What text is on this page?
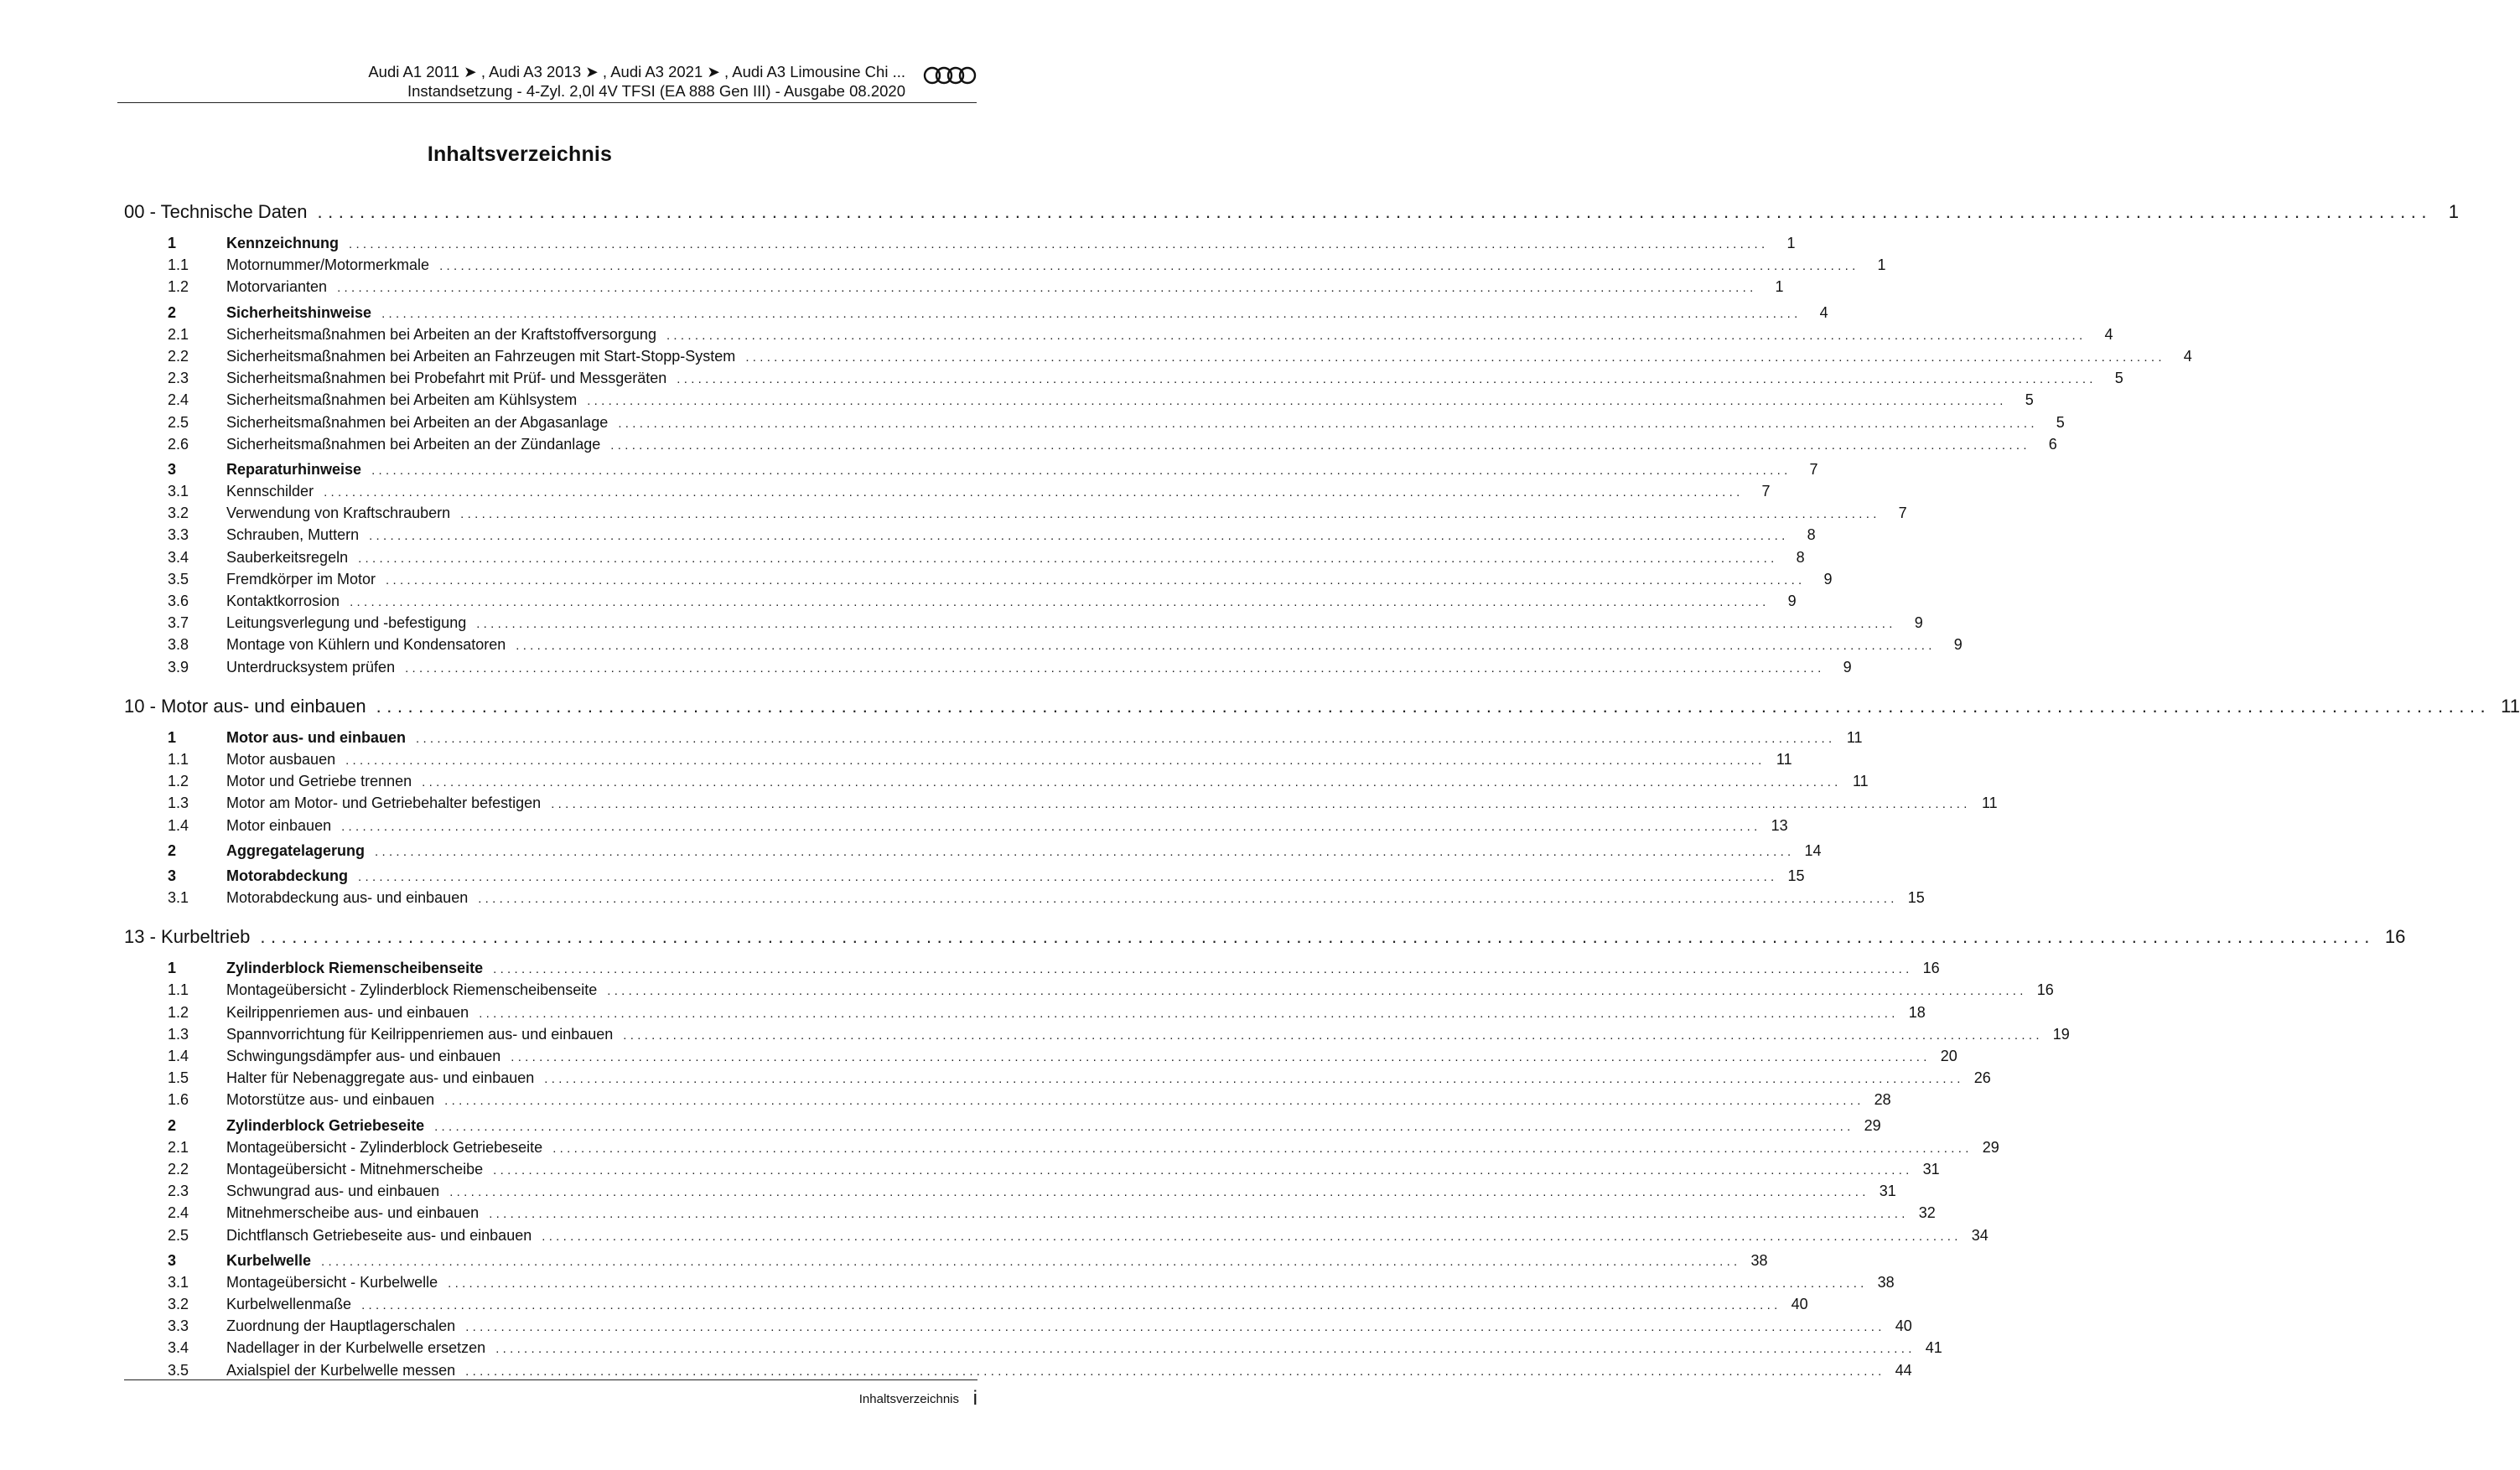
Audi A1 2011 ➤ , Audi A3 2013 ➤ , Audi A3 2021 ➤ , Audi A3 Limousine Chi ...
Instandsetzung - 4-Zyl. 2,0l 4V TFSI (EA 888 Gen III) - Ausgabe 08.2020
Inhaltsverzeichnis
00 - Technische Daten ........................................................................................................................................................................................................ 1
1	Kennzeichnung ........................................................................................................................................................................................................	1
1.1	Motornummer/Motormerkmale ........................................................................................................................................................................................................	1
1.2	Motorvarianten ........................................................................................................................................................................................................	1
2	Sicherheitshinweise ........................................................................................................................................................................................................	4
2.1	Sicherheitsmaßnahmen bei Arbeiten an der Kraftstoffversorgung ........................................................................................................................................................................................................	4
2.2	Sicherheitsmaßnahmen bei Arbeiten an Fahrzeugen mit Start-Stopp-System ........................................................................................................................................................................................................	4
2.3	Sicherheitsmaßnahmen bei Probefahrt mit Prüf- und Messgeräten ........................................................................................................................................................................................................	5
2.4	Sicherheitsmaßnahmen bei Arbeiten am Kühlsystem ........................................................................................................................................................................................................	5
2.5	Sicherheitsmaßnahmen bei Arbeiten an der Abgasanlage ........................................................................................................................................................................................................	5
2.6	Sicherheitsmaßnahmen bei Arbeiten an der Zündanlage ........................................................................................................................................................................................................	6
3	Reparaturhinweise ........................................................................................................................................................................................................	7
3.1	Kennschilder ........................................................................................................................................................................................................	7
3.2	Verwendung von Kraftschraubern ........................................................................................................................................................................................................	7
3.3	Schrauben, Muttern ........................................................................................................................................................................................................	8
3.4	Sauberkeitsregeln ........................................................................................................................................................................................................	8
3.5	Fremdkörper im Motor ........................................................................................................................................................................................................	9
3.6	Kontaktkorrosion ........................................................................................................................................................................................................	9
3.7	Leitungsverlegung und -befestigung ........................................................................................................................................................................................................	9
3.8	Montage von Kühlern und Kondensatoren ........................................................................................................................................................................................................	9
3.9	Unterdrucksystem prüfen ........................................................................................................................................................................................................	9
10 - Motor aus- und einbauen ........................................................................................................................................................................................................ 11
1	Motor aus- und einbauen ........................................................................................................................................................................................................ 11
1.1	Motor ausbauen ........................................................................................................................................................................................................ 11
1.2	Motor und Getriebe trennen ........................................................................................................................................................................................................ 11
1.3	Motor am Motor- und Getriebehalter befestigen ........................................................................................................................................................................................................ 11
1.4	Motor einbauen ........................................................................................................................................................................................................ 13
2	Aggregatelagerung ........................................................................................................................................................................................................ 14
3	Motorabdeckung ........................................................................................................................................................................................................ 15
3.1	Motorabdeckung aus- und einbauen ........................................................................................................................................................................................................ 15
13 - Kurbeltrieb ........................................................................................................................................................................................................ 16
1	Zylinderblock Riemenscheibenseite ........................................................................................................................................................................................................ 16
1.1	Montageübersicht - Zylinderblock Riemenscheibenseite ........................................................................................................................................................................................................ 16
1.2	Keilrippenriemen aus- und einbauen ........................................................................................................................................................................................................ 18
1.3	Spannvorrichtung für Keilrippenriemen aus- und einbauen ........................................................................................................................................................................................................ 19
1.4	Schwingungsdämpfer aus- und einbauen ........................................................................................................................................................................................................ 20
1.5	Halter für Nebenaggregate aus- und einbauen ........................................................................................................................................................................................................ 26
1.6	Motorstütze aus- und einbauen ........................................................................................................................................................................................................ 28
2	Zylinderblock Getriebeseite ........................................................................................................................................................................................................ 29
2.1	Montageübersicht - Zylinderblock Getriebeseite ........................................................................................................................................................................................................ 29
2.2	Montageübersicht - Mitnehmerscheibe ........................................................................................................................................................................................................ 31
2.3	Schwungrad aus- und einbauen ........................................................................................................................................................................................................ 31
2.4	Mitnehmerscheibe aus- und einbauen ........................................................................................................................................................................................................ 32
2.5	Dichtflansch Getriebeseite aus- und einbauen ........................................................................................................................................................................................................ 34
3	Kurbelwelle ........................................................................................................................................................................................................ 38
3.1	Montageübersicht - Kurbelwelle ........................................................................................................................................................................................................ 38
3.2	Kurbelwellenmaße ........................................................................................................................................................................................................ 40
3.3	Zuordnung der Hauptlagerschalen ........................................................................................................................................................................................................ 40
3.4	Nadellager in der Kurbelwelle ersetzen ........................................................................................................................................................................................................ 41
3.5	Axialspiel der Kurbelwelle messen ........................................................................................................................................................................................................ 44
Inhaltsverzeichnis i
